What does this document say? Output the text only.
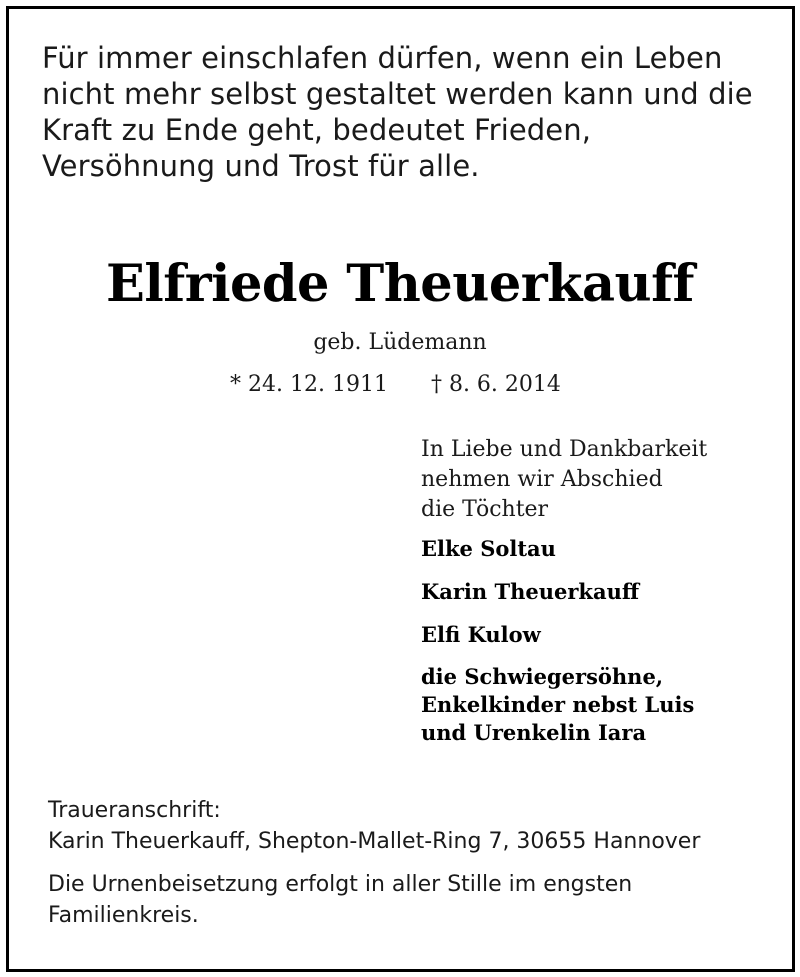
Für immer einschlafen dürfen, wenn ein Leben
nicht mehr selbst gestaltet werden kann und die
Kraft zu Ende geht, bedeutet Frieden,
Versöhnung und Trost für alle.
Elfriede Theuerkauff
geb. Lüdemann
* 24. 12. 1911 † 8. 6. 2014
In Liebe und Dankbarkeit
nehmen wir Abschied
die Töchter
Elke Soltau
Karin Theuerkauff
Elfi Kulow
die Schwiegersöhne,
Enkelkinder nebst Luis
und Urenkelin Iara
Traueranschrift:
Karin Theuerkauff, Shepton-Mallet-Ring 7, 30655 Hannover
Die Urnenbeisetzung erfolgt in aller Stille im engsten
Familienkreis.
